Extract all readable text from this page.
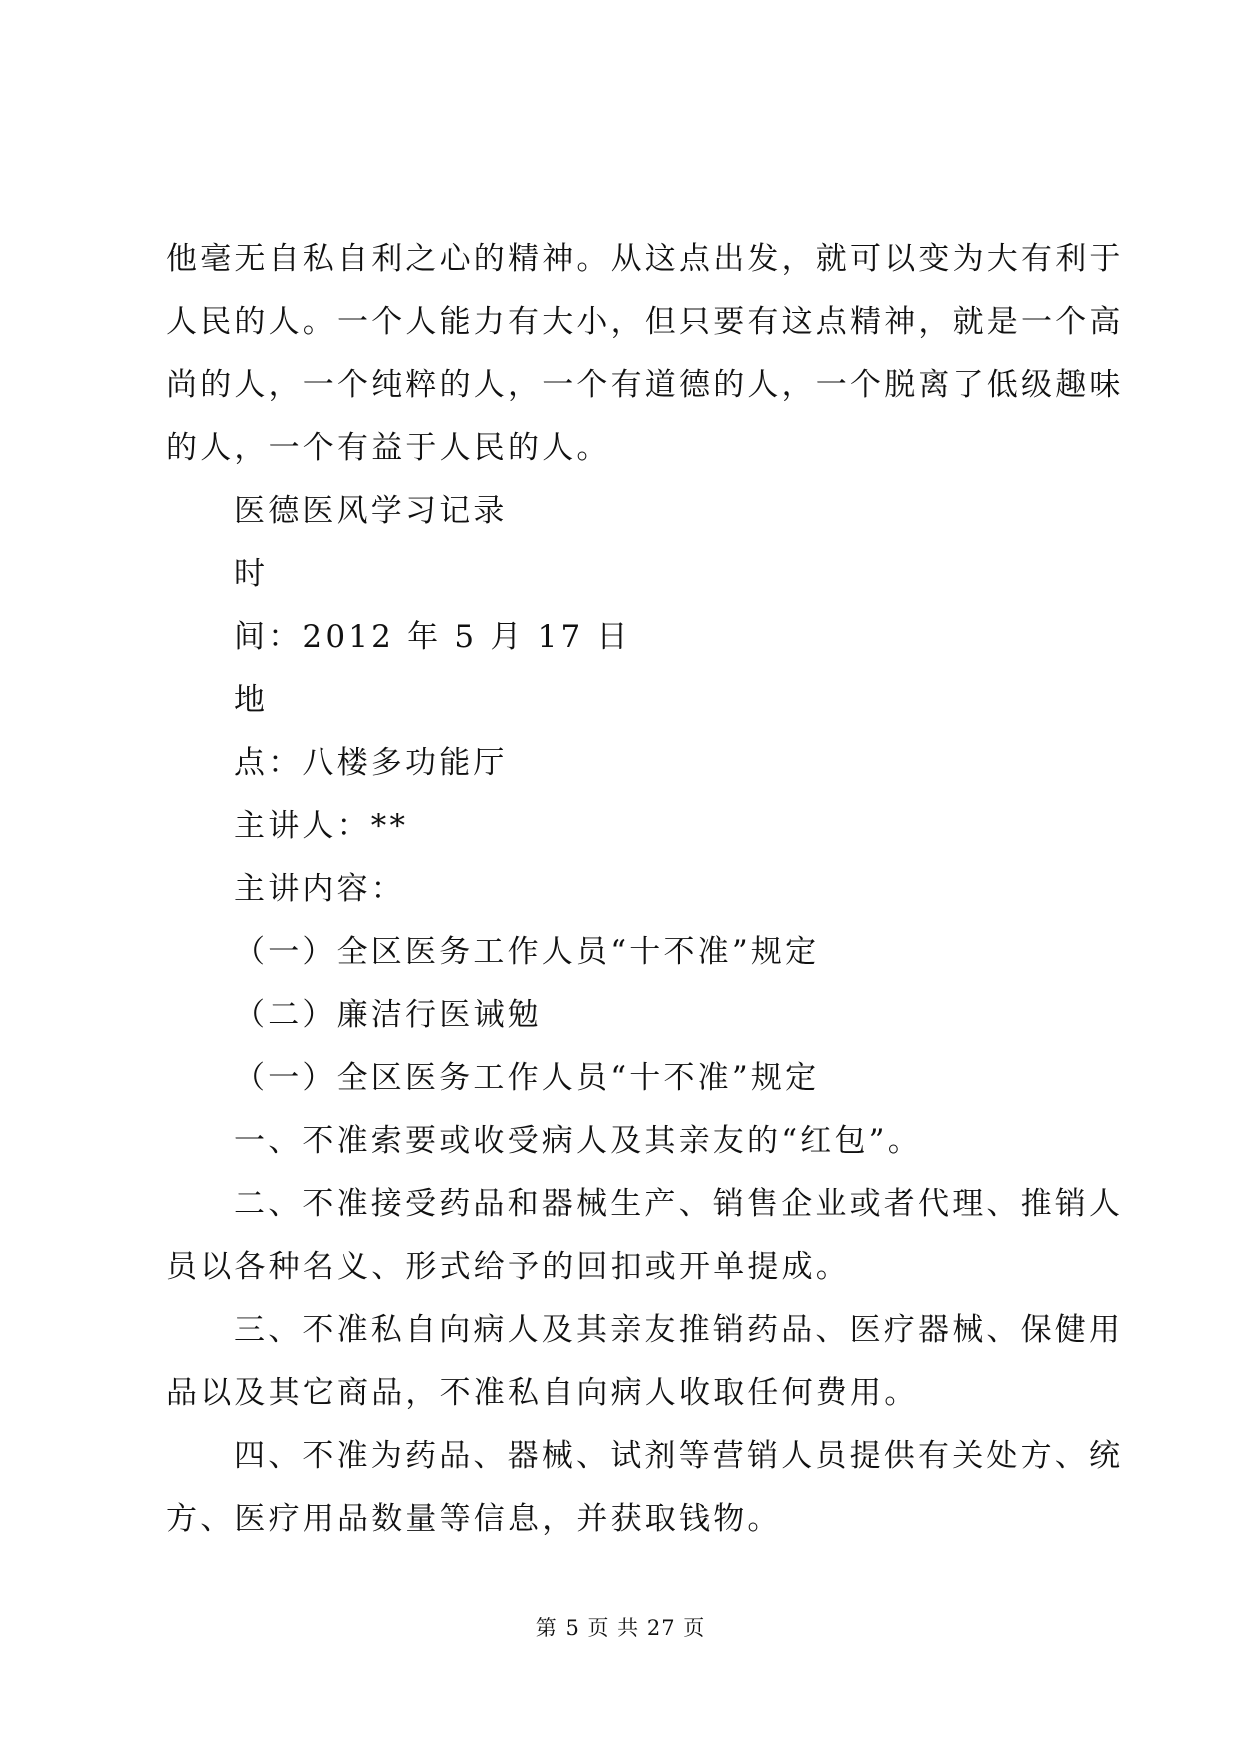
他毫无自私自利之心的精神。从这点出发，就可以变为大有利于
人民的人。一个人能力有大小，但只要有这点精神，就是一个高
尚的人，一个纯粹的人，一个有道德的人，一个脱离了低级趣味
的人，一个有益于人民的人。
医德医风学习记录
时
间：2012 年 5 月 17 日
地
点：八楼多功能厅
主讲人：**
主讲内容：
（一）全区医务工作人员“十不准”规定
（二）廉洁行医诫勉
（一）全区医务工作人员“十不准”规定
一、不准索要或收受病人及其亲友的“红包”。
二、不准接受药品和器械生产、销售企业或者代理、推销人
员以各种名义、形式给予的回扣或开单提成。
三、不准私自向病人及其亲友推销药品、医疗器械、保健用
品以及其它商品，不准私自向病人收取任何费用。
四、不准为药品、器械、试剂等营销人员提供有关处方、统
方、医疗用品数量等信息，并获取钱物。
第 5 页 共 27 页
